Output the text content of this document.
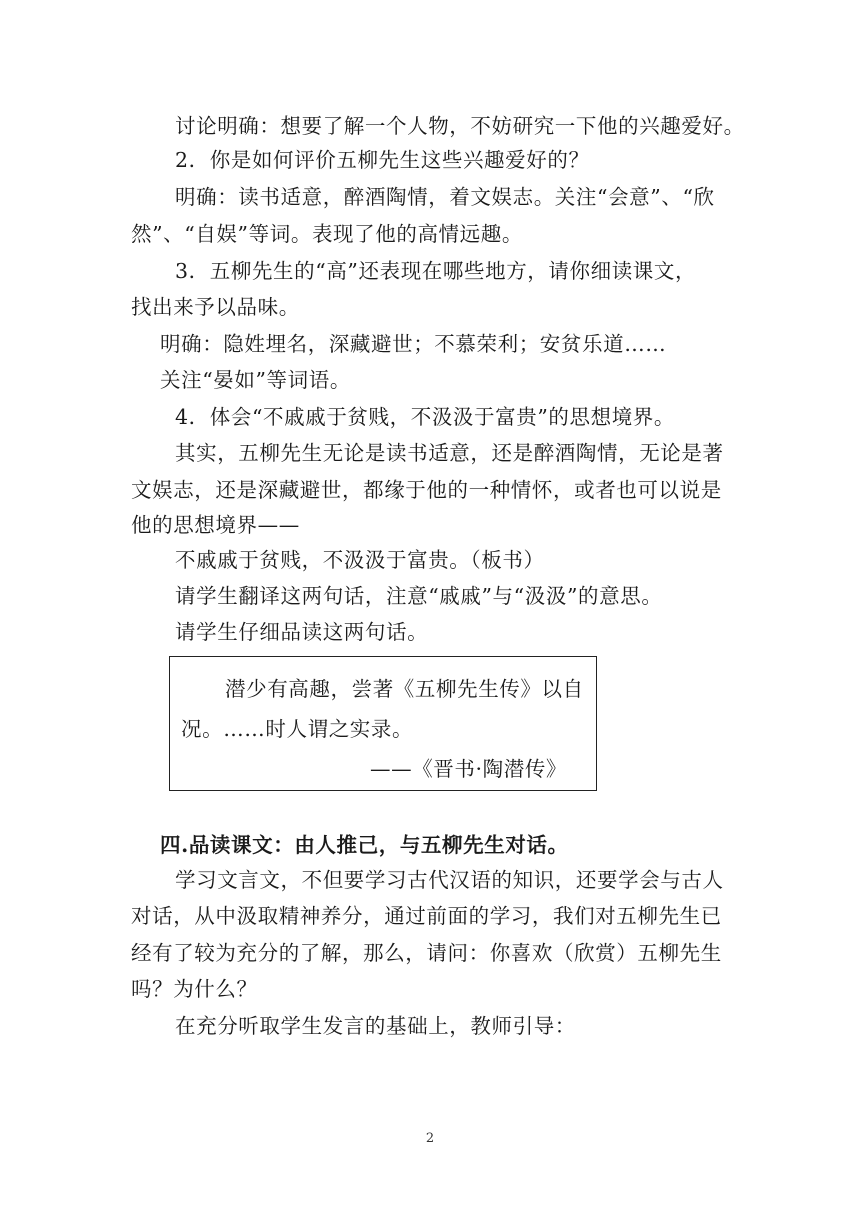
讨论明确：想要了解一个人物，不妨研究一下他的兴趣爱好。
2．你是如何评价五柳先生这些兴趣爱好的？
明确：读书适意，醉酒陶情，着文娱志。关注“会意”、“欣
然”、“自娱”等词。表现了他的高情远趣。
3．五柳先生的“高”还表现在哪些地方，请你细读课文，
找出来予以品味。
明确：隐姓埋名，深藏避世；不慕荣利；安贫乐道……
关注“晏如”等词语。
4．体会“不戚戚于贫贱，不汲汲于富贵”的思想境界。
其实，五柳先生无论是读书适意，还是醉酒陶情，无论是著
文娱志，还是深藏避世，都缘于他的一种情怀，或者也可以说是
他的思想境界——
不戚戚于贫贱，不汲汲于富贵。（板书）
请学生翻译这两句话，注意“戚戚”与“汲汲”的意思。
请学生仔细品读这两句话。
潜少有高趣，尝著《五柳先生传》以自
况。……时人谓之实录。
——《晋书·陶潜传》
四.品读课文：由人推己，与五柳先生对话。
学习文言文，不但要学习古代汉语的知识，还要学会与古人
对话，从中汲取精神养分，通过前面的学习，我们对五柳先生已
经有了较为充分的了解，那么，请问：你喜欢（欣赏）五柳先生
吗？为什么？
在充分听取学生发言的基础上，教师引导：
2
